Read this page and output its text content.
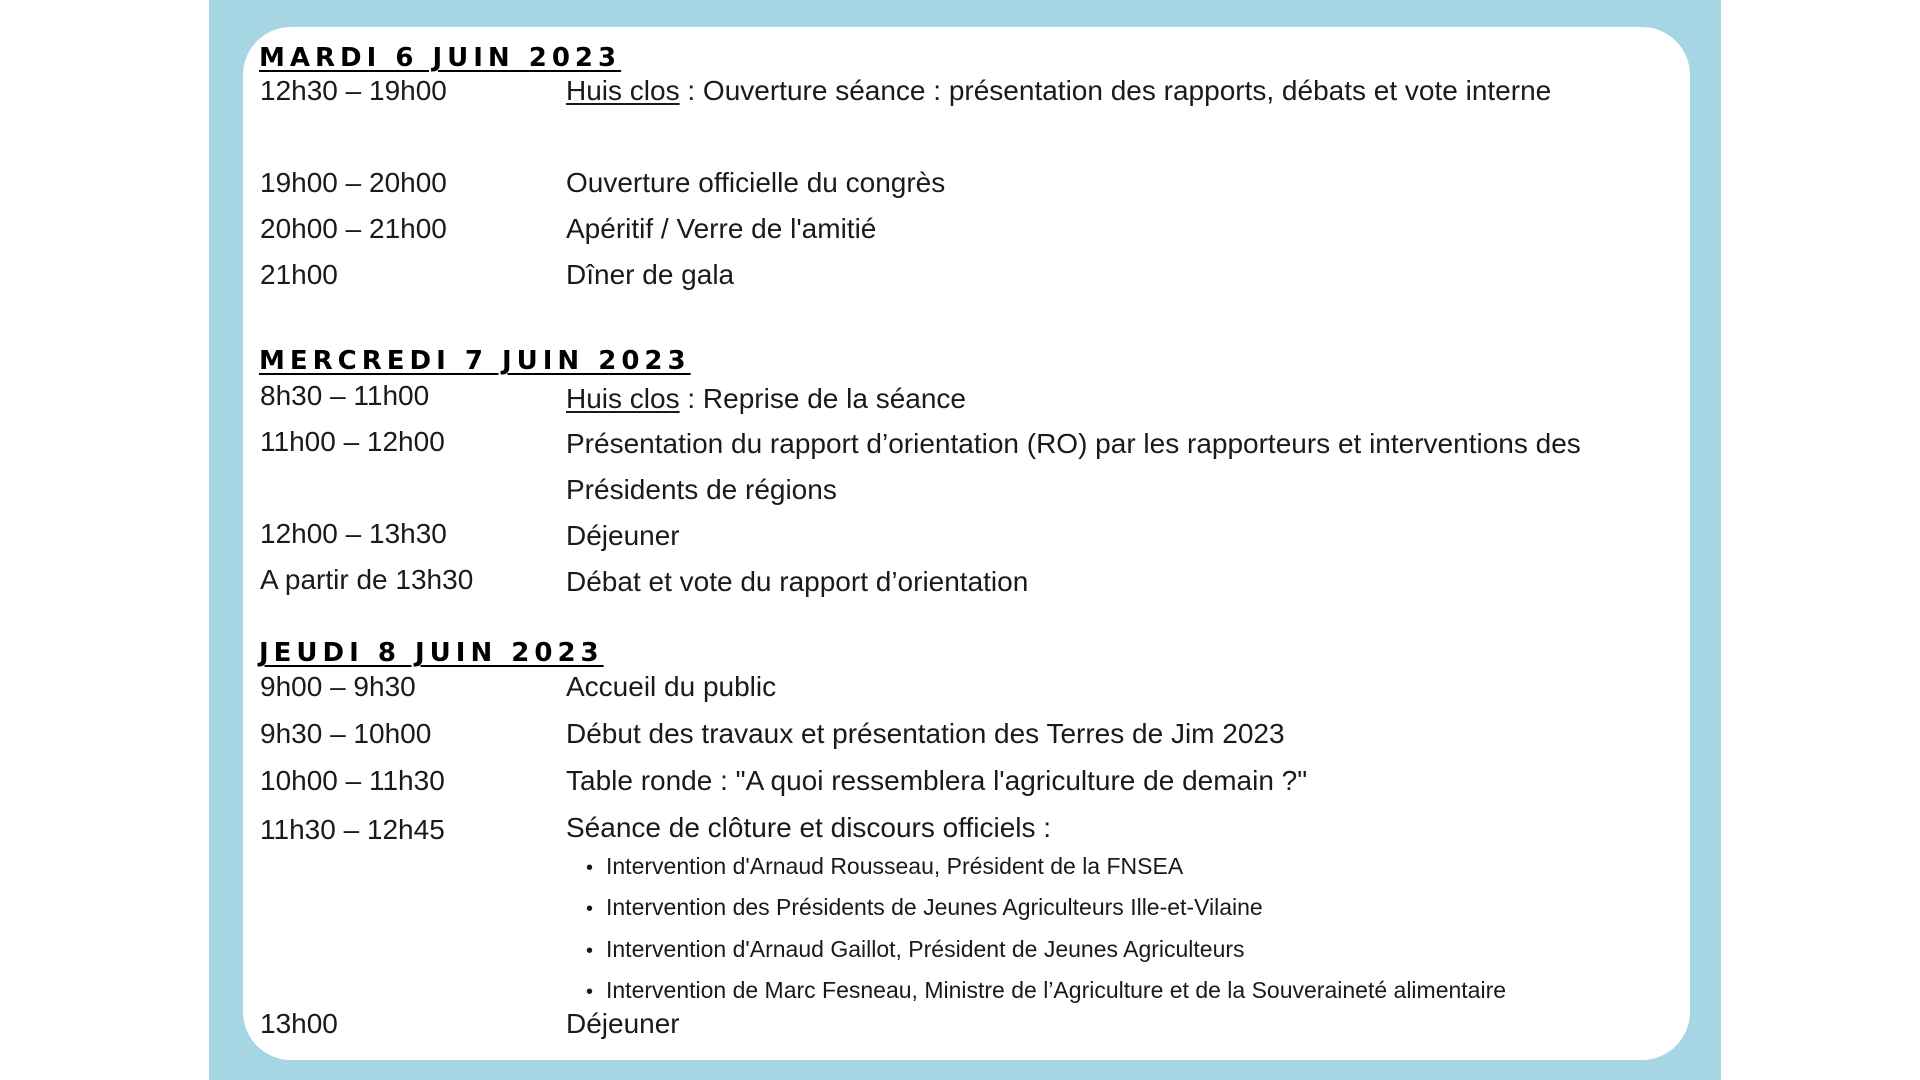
MARDI 6 JUIN 2023
12h30 – 19h00	Huis clos : Ouverture séance : présentation des rapports, débats et vote interne
19h00 – 20h00	Ouverture officielle du congrès
20h00 – 21h00	Apéritif / Verre de l'amitié
21h00	Dîner de gala
MERCREDI 7 JUIN 2023
8h30 – 11h00	Huis clos : Reprise de la séance
11h00 – 12h00	Présentation du rapport d’orientation (RO) par les rapporteurs et interventions des Présidents de régions
12h00 – 13h30	Déjeuner
A partir de 13h30	Débat et vote du rapport d’orientation
JEUDI 8 JUIN 2023
9h00 – 9h30	Accueil du public
9h30 – 10h00	Début des travaux et présentation des Terres de Jim 2023
10h00 – 11h30	Table ronde : "A quoi ressemblera l'agriculture de demain ?"
11h30 – 12h45	Séance de clôture et discours officiels :
• Intervention d'Arnaud Rousseau, Président de la FNSEA
• Intervention des Présidents de Jeunes Agriculteurs Ille-et-Vilaine
• Intervention d'Arnaud Gaillot, Président de Jeunes Agriculteurs
• Intervention de Marc Fesneau, Ministre de l’Agriculture et de la Souveraineté alimentaire
13h00	Déjeuner
